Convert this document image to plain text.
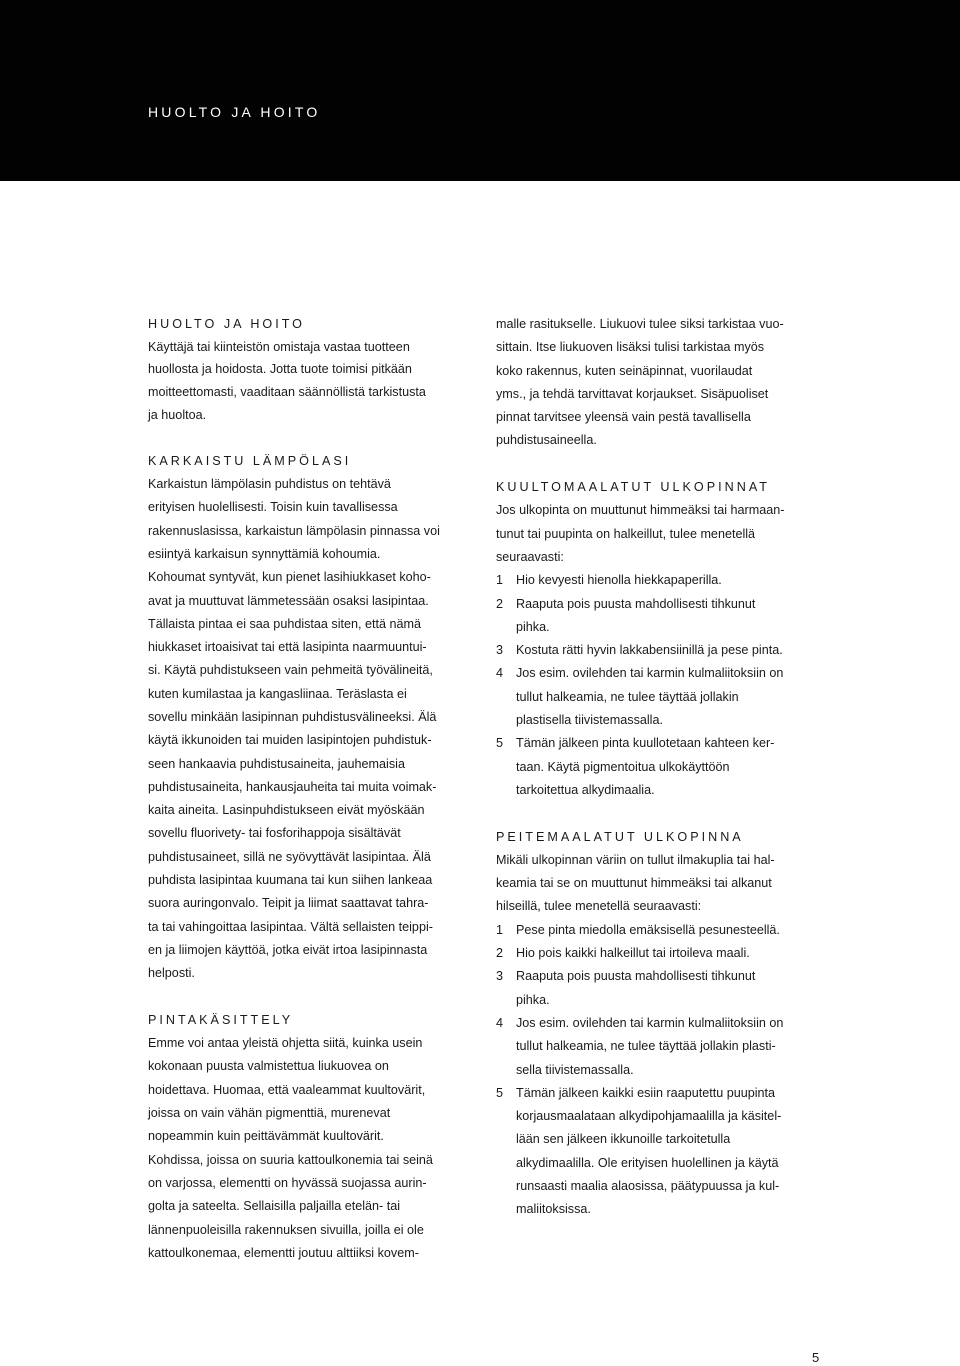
HUOLTO JA HOITO
HUOLTO JA HOITO
Käyttäjä tai kiinteistön omistaja vastaa tuotteen
huollosta ja hoidosta. Jotta tuote toimisi pitkään
moitteettomasti, vaaditaan säännöllistä tarkistusta
ja huoltoa.
KARKAISTU LÄMPÖLASI
Karkaistun lämpölasin puhdistus on tehtävä
erityisen huolellisesti. Toisin kuin tavallisessa
rakennuslasissa, karkaistun lämpölasin pinnassa voi
esiintyä karkaisun synnyttämiä kohoumia.
Kohoumat syntyvät, kun pienet lasihiukkaset koho-
avat ja muuttuvat lämmetessään osaksi lasipintaa.
Tällaista pintaa ei saa puhdistaa siten, että nämä
hiukkaset irtoaisivat tai että lasipinta naarmuuntui-
si. Käytä puhdistukseen vain pehmeitä työvälineitä,
kuten kumilastaa ja kangasliinaa. Teräslasta ei
sovellu minkään lasipinnan puhdistusvälineeksi. Älä
käytä ikkunoiden tai muiden lasipintojen puhdistuk-
seen hankaavia puhdistusaineita, jauhemaisia
puhdistusaineita, hankausjauheita tai muita voimak-
kaita aineita. Lasinpuhdistukseen eivät myöskään
sovellu fluorivety- tai fosforihappoja sisältävät
puhdistusaineet, sillä ne syövyttävät lasipintaa. Älä
puhdista lasipintaa kuumana tai kun siihen lankeaa
suora auringonvalo. Teipit ja liimat saattavat tahra-
ta tai vahingoittaa lasipintaa. Vältä sellaisten teippi-
en ja liimojen käyttöä, jotka eivät irtoa lasipinnasta
helposti.
PINTAKÄSITTELY
Emme voi antaa yleistä ohjetta siitä, kuinka usein
kokonaan puusta valmistettua liukuovea on
hoidettava. Huomaa, että vaaleammat kuultovärit,
joissa on vain vähän pigmenttiä, murenevat
nopeammin kuin peittävämmät kuultovärit.
Kohdissa, joissa on suuria kattoulkonemia tai seinä
on varjossa, elementti on hyvässä suojassa aurin-
golta ja sateelta. Sellaisilla paljailla etelän- tai
lännenpuoleisilla rakennuksen sivuilla, joilla ei ole
kattoulkonemaa, elementti joutuu alttiiksi kovem-
malle rasitukselle. Liukuovi tulee siksi tarkistaa vuo-
sittain. Itse liukuoven lisäksi tulisi tarkistaa myös
koko rakennus, kuten seinäpinnat, vuorilaudat
yms., ja tehdä tarvittavat korjaukset. Sisäpuoliset
pinnat tarvitsee yleensä vain pestä tavallisella
puhdistusaineella.
KUULTOMAALATUT ULKOPINNAT
Jos ulkopinta on muuttunut himmeäksi tai harmaan-
tunut tai puupinta on halkeillut, tulee menetellä
seuraavasti:
1	Hio kevyesti hienolla hiekkapaperilla.
2	Raaputa pois puusta mahdollisesti tihkunut
pihka.
3	Kostuta rätti hyvin lakkabensiinillä ja pese pinta.
4	Jos esim. ovilehden tai karmin kulmaliitoksiin on
tullut halkeamia, ne tulee täyttää jollakin
plastisella tiivistemassalla.
5	Tämän jälkeen pinta kuullotetaan kahteen ker-
taan. Käytä pigmentoitua ulkokäyttöön
tarkoitettua alkydimaalia.
PEITEMAALATUT ULKOPINNA
Mikäli ulkopinnan väriin on tullut ilmakuplia tai hal-
keamia tai se on muuttunut himmeäksi tai alkanut
hilseillä, tulee menetellä seuraavasti:
1	Pese pinta miedolla emäksisellä pesunesteellä.
2	Hio pois kaikki halkeillut tai irtoileva maali.
3	Raaputa pois puusta mahdollisesti tihkunut
pihka.
4	Jos esim. ovilehden tai karmin kulmaliitoksiin on
tullut halkeamia, ne tulee täyttää jollakin plasti-
sella tiivistemassalla.
5	Tämän jälkeen kaikki esiin raaputettu puupinta
korjausmaalataan alkydipohjamaalilla ja käsitel-
lään sen jälkeen ikkunoille tarkoitetulla
alkydimaalilla. Ole erityisen huolellinen ja käytä
runsaasti maalia alaosissa, päätypuussa ja kul-
maliitoksissa.
5
